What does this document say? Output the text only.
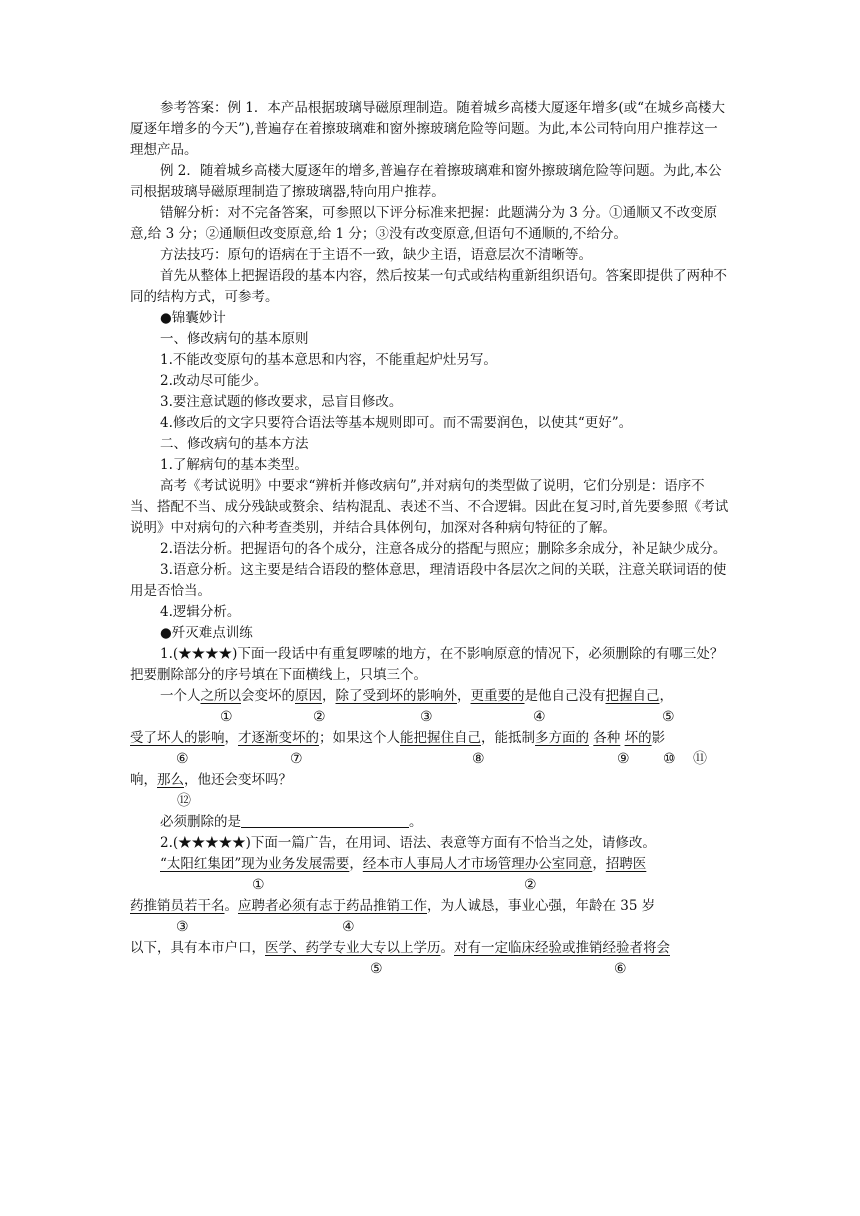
参考答案：例 1．本产品根据玻璃导磁原理制造。随着城乡高楼大厦逐年增多(或“在城乡高楼大厦逐年增多的今天”),普遍存在着擦玻璃难和窗外擦玻璃危险等问题。为此,本公司特向用户推荐这一理想产品。

例 2．随着城乡高楼大厦逐年的增多,普遍存在着擦玻璃难和窗外擦玻璃危险等问题。为此,本公司根据玻璃导磁原理制造了擦玻璃器,特向用户推荐。

错解分析：对不完备答案，可参照以下评分标准来把握：此题满分为 3 分。①通顺又不改变原意,给 3 分；②通顺但改变原意,给 1 分；③没有改变原意,但语句不通顺的,不给分。

方法技巧：原句的语病在于主语不一致，缺少主语，语意层次不清晰等。

首先从整体上把握语段的基本内容，然后按某一句式或结构重新组织语句。答案即提供了两种不同的结构方式，可参考。

●锦囊妙计

一、修改病句的基本原则

1.不能改变原句的基本意思和内容，不能重起炉灶另写。

2.改动尽可能少。

3.要注意试题的修改要求，忌盲目修改。

4.修改后的文字只要符合语法等基本规则即可。而不需要润色，以使其“更好”。

二、修改病句的基本方法

1.了解病句的基本类型。

高考《考试说明》中要求“辨析并修改病句”,并对病句的类型做了说明，它们分别是：语序不当、搭配不当、成分残缺或赘余、结构混乱、表述不当、不合逻辑。因此在复习时,首先要参照《考试说明》中对病句的六种考查类别，并结合具体例句，加深对各种病句特征的了解。

2.语法分析。把握语句的各个成分，注意各成分的搭配与照应；删除多余成分，补足缺少成分。

3.语意分析。这主要是结合语段的整体意思，理清语段中各层次之间的关联，注意关联词语的使用是否恰当。

4.逻辑分析。

●歼灭难点训练

1.(★★★★)下面一段话中有重复啰嗦的地方，在不影响原意的情况下，必须删除的有哪三处？把要删除部分的序号填在下面横线上，只填三个。

一个人之所以会变坏的原因，除了受到坏的影响外，更重要的是他自己没有把握自己，
①	②	③	④	⑤
受了坏人的影响，才逐渐变坏的；如果这个人能把握住自己，能抵制多方面的 各种 坏的影
⑥	⑦	⑧	⑨ ⑩ ⑪
响，那么，他还会变坏吗？
⑫
必须删除的是	。

2.(★★★★★)下面一篇广告，在用词、语法、表意等方面有不恰当之处，请修改。

“太阳红集团”现为业务发展需要，经本市人事局人才市场管理办公室同意，招聘医
①	②
药推销员若干名。应聘者必须有志于药品推销工作，为人诚恳，事业心强，年龄在 35 岁
③	④
以下，具有本市户口，医学、药学专业大专以上学历。对有一定临床经验或推销经验者将会
⑤	⑥
